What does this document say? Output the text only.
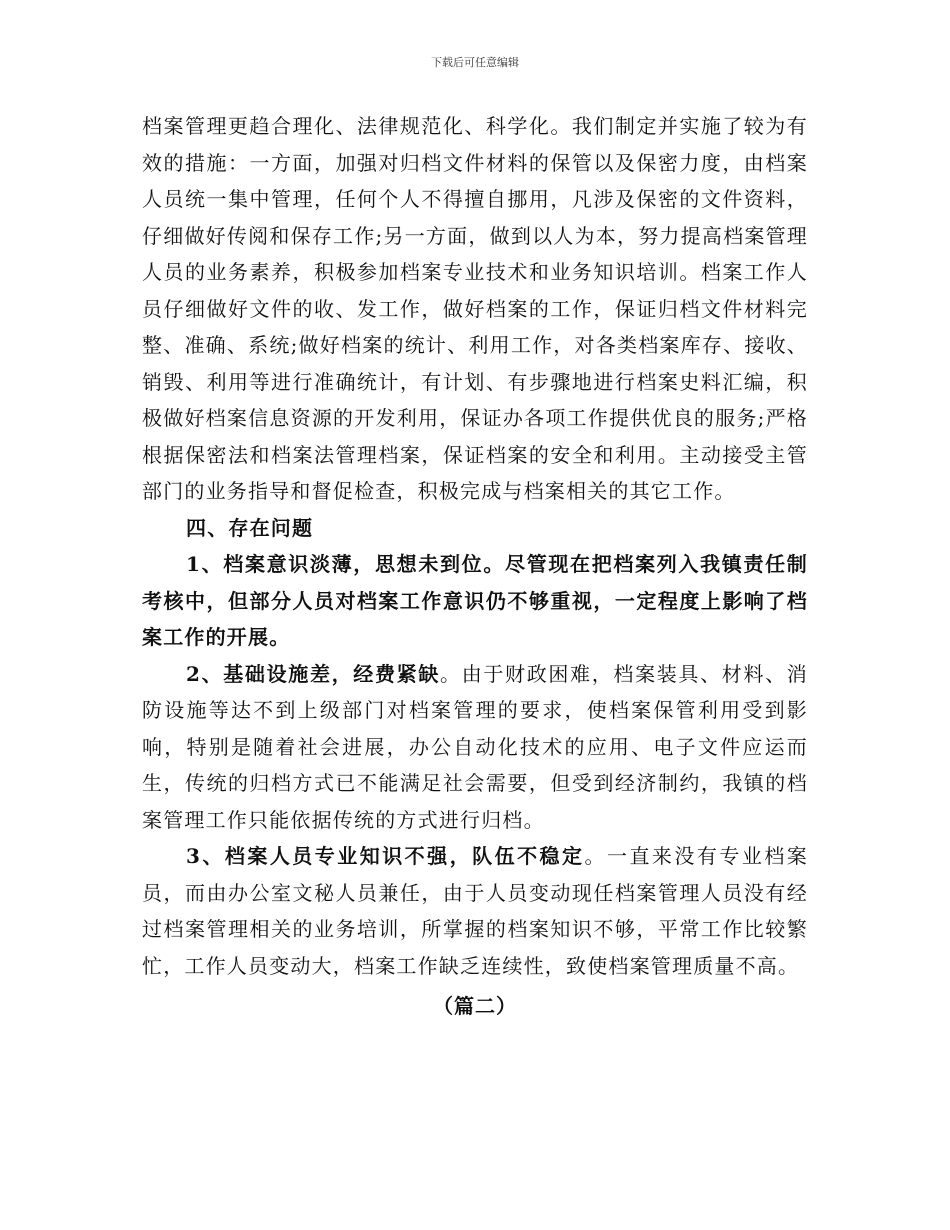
下载后可任意编辑

档案管理更趋合理化、法律规范化、科学化。我们制定并实施了较为有效的措施：一方面，加强对归档文件材料的保管以及保密力度，由档案人员统一集中管理，任何个人不得擅自挪用，凡涉及保密的文件资料，仔细做好传阅和保存工作;另一方面，做到以人为本，努力提高档案管理人员的业务素养，积极参加档案专业技术和业务知识培训。档案工作人员仔细做好文件的收、发工作，做好档案的工作，保证归档文件材料完整、准确、系统;做好档案的统计、利用工作，对各类档案库存、接收、销毁、利用等进行准确统计，有计划、有步骤地进行档案史料汇编，积极做好档案信息资源的开发利用，保证办各项工作提供优良的服务;严格根据保密法和档案法管理档案，保证档案的安全和利用。主动接受主管部门的业务指导和督促检查，积极完成与档案相关的其它工作。

四、存在问题

1、档案意识淡薄，思想未到位。尽管现在把档案列入我镇责任制考核中，但部分人员对档案工作意识仍不够重视，一定程度上影响了档案工作的开展。

2、基础设施差，经费紧缺。由于财政困难，档案装具、材料、消防设施等达不到上级部门对档案管理的要求，使档案保管利用受到影响，特别是随着社会进展，办公自动化技术的应用、电子文件应运而生，传统的归档方式已不能满足社会需要，但受到经济制约，我镇的档案管理工作只能依据传统的方式进行归档。

3、档案人员专业知识不强，队伍不稳定。一直来没有专业档案员，而由办公室文秘人员兼任，由于人员变动现任档案管理人员没有经过档案管理相关的业务培训，所掌握的档案知识不够，平常工作比较繁忙，工作人员变动大，档案工作缺乏连续性，致使档案管理质量不高。

（篇二）
